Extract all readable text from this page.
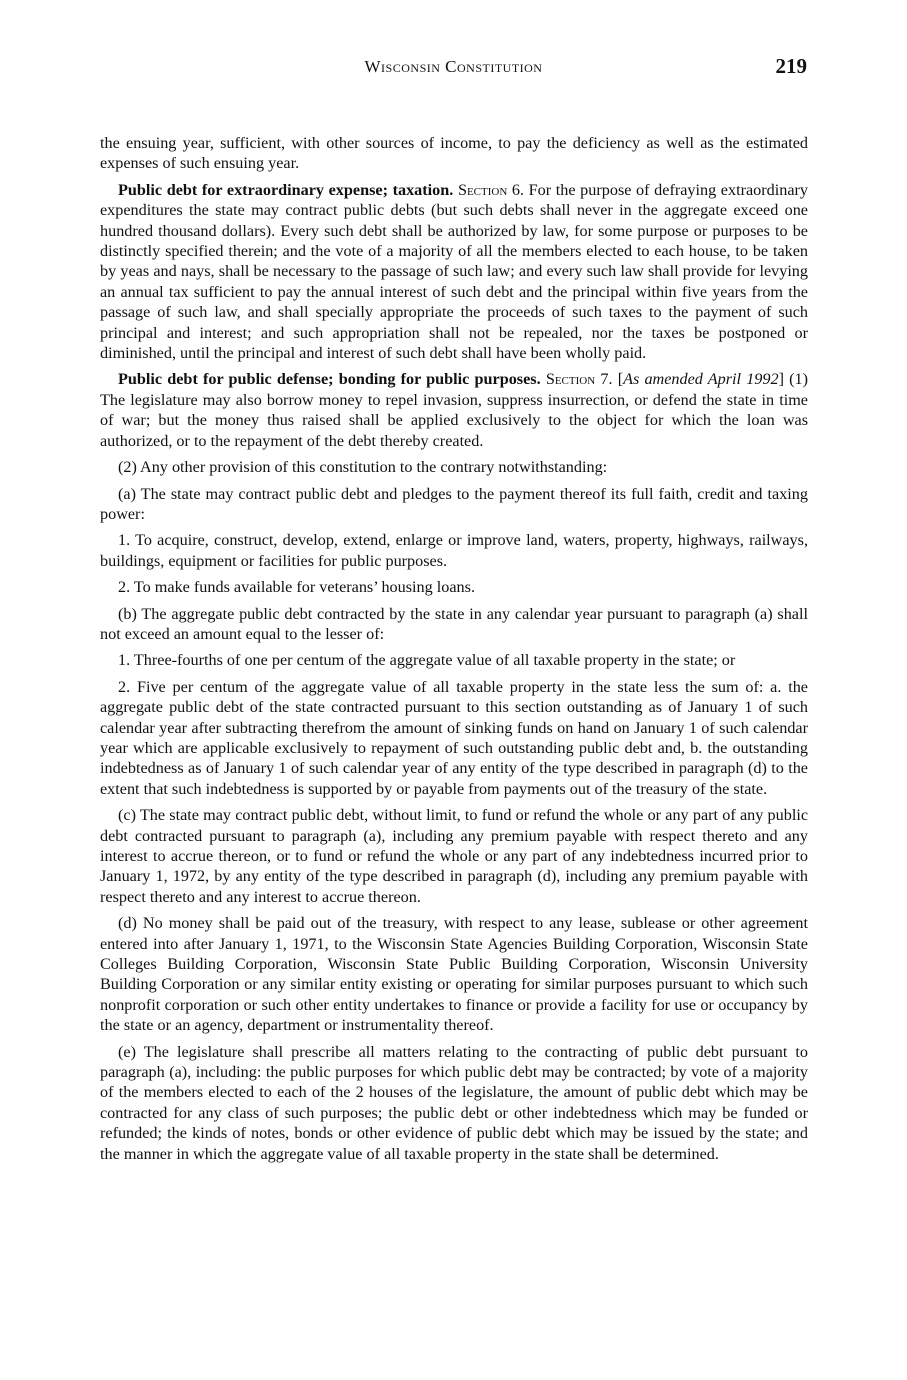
Wisconsin Constitution	219

the ensuing year, sufficient, with other sources of income, to pay the deficiency as well as the estimated expenses of such ensuing year.

Public debt for extraordinary expense; taxation. Section 6. For the purpose of defraying extraordinary expenditures the state may contract public debts (but such debts shall never in the aggregate exceed one hundred thousand dollars). Every such debt shall be authorized by law, for some purpose or purposes to be distinctly specified therein; and the vote of a majority of all the members elected to each house, to be taken by yeas and nays, shall be necessary to the passage of such law; and every such law shall provide for levying an annual tax sufficient to pay the annual interest of such debt and the principal within five years from the passage of such law, and shall specially appropriate the proceeds of such taxes to the payment of such principal and interest; and such appropriation shall not be repealed, nor the taxes be postponed or diminished, until the principal and interest of such debt shall have been wholly paid.

Public debt for public defense; bonding for public purposes. Section 7. [As amended April 1992] (1) The legislature may also borrow money to repel invasion, suppress insurrection, or defend the state in time of war; but the money thus raised shall be applied exclusively to the object for which the loan was authorized, or to the repayment of the debt thereby created.

(2) Any other provision of this constitution to the contrary notwithstanding:

(a) The state may contract public debt and pledges to the payment thereof its full faith, credit and taxing power:

1. To acquire, construct, develop, extend, enlarge or improve land, waters, property, highways, railways, buildings, equipment or facilities for public purposes.

2. To make funds available for veterans’ housing loans.

(b) The aggregate public debt contracted by the state in any calendar year pursuant to paragraph (a) shall not exceed an amount equal to the lesser of:

1. Three-fourths of one per centum of the aggregate value of all taxable property in the state; or

2. Five per centum of the aggregate value of all taxable property in the state less the sum of: a. the aggregate public debt of the state contracted pursuant to this section outstanding as of January 1 of such calendar year after subtracting therefrom the amount of sinking funds on hand on January 1 of such calendar year which are applicable exclusively to repayment of such outstanding public debt and, b. the outstanding indebtedness as of January 1 of such calendar year of any entity of the type described in paragraph (d) to the extent that such indebtedness is supported by or payable from payments out of the treasury of the state.

(c) The state may contract public debt, without limit, to fund or refund the whole or any part of any public debt contracted pursuant to paragraph (a), including any premium payable with respect thereto and any interest to accrue thereon, or to fund or refund the whole or any part of any indebtedness incurred prior to January 1, 1972, by any entity of the type described in paragraph (d), including any premium payable with respect thereto and any interest to accrue thereon.

(d) No money shall be paid out of the treasury, with respect to any lease, sublease or other agreement entered into after January 1, 1971, to the Wisconsin State Agencies Building Corporation, Wisconsin State Colleges Building Corporation, Wisconsin State Public Building Corporation, Wisconsin University Building Corporation or any similar entity existing or operating for similar purposes pursuant to which such nonprofit corporation or such other entity undertakes to finance or provide a facility for use or occupancy by the state or an agency, department or instrumentality thereof.

(e) The legislature shall prescribe all matters relating to the contracting of public debt pursuant to paragraph (a), including: the public purposes for which public debt may be contracted; by vote of a majority of the members elected to each of the 2 houses of the legislature, the amount of public debt which may be contracted for any class of such purposes; the public debt or other indebtedness which may be funded or refunded; the kinds of notes, bonds or other evidence of public debt which may be issued by the state; and the manner in which the aggregate value of all taxable property in the state shall be determined.
